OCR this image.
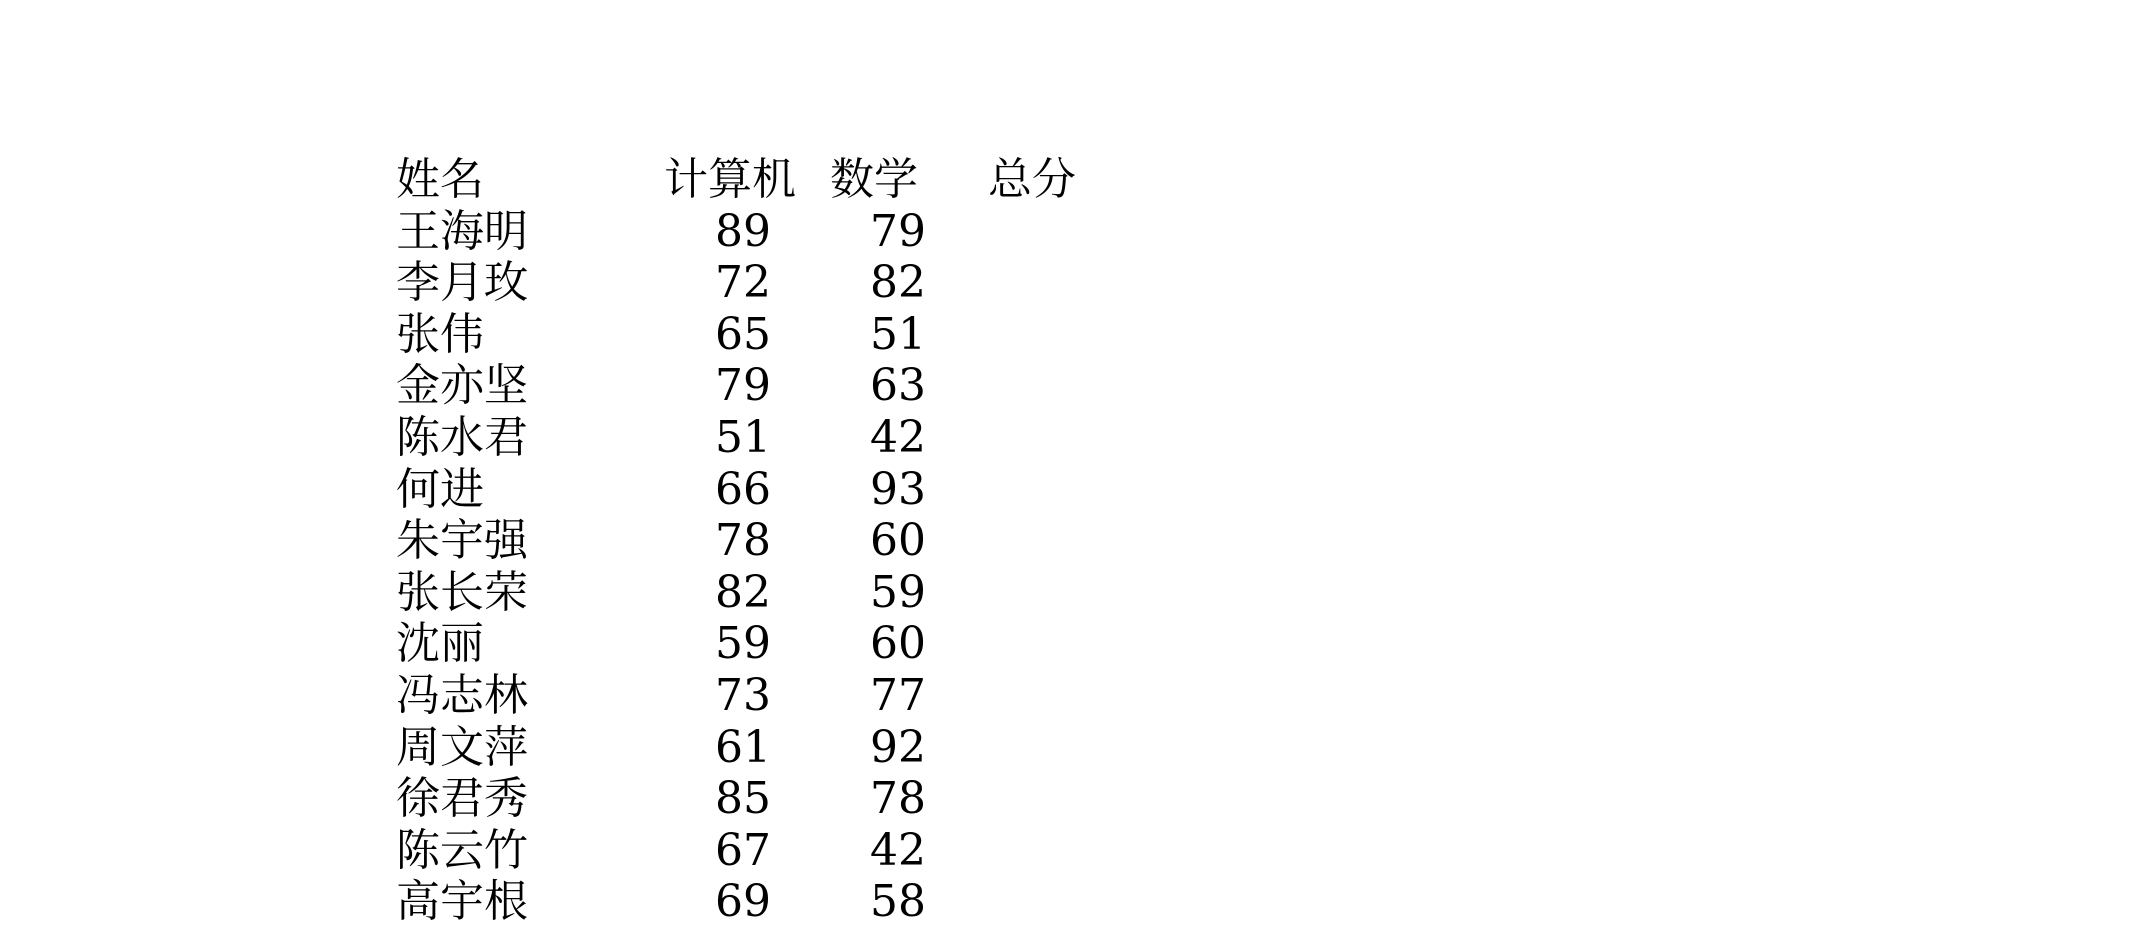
姓名	计算机 数学 总分
王海明	89	79
李月玫	72	82
张伟	65	51
金亦坚	79	63
陈水君	51	42
何进	66	93
朱宇强	78	60
张长荣	82	59
沈丽	59	60
冯志林	73	77
周文萍	61	92
徐君秀	85	78
陈云竹	67	42
高宇根	69	58
